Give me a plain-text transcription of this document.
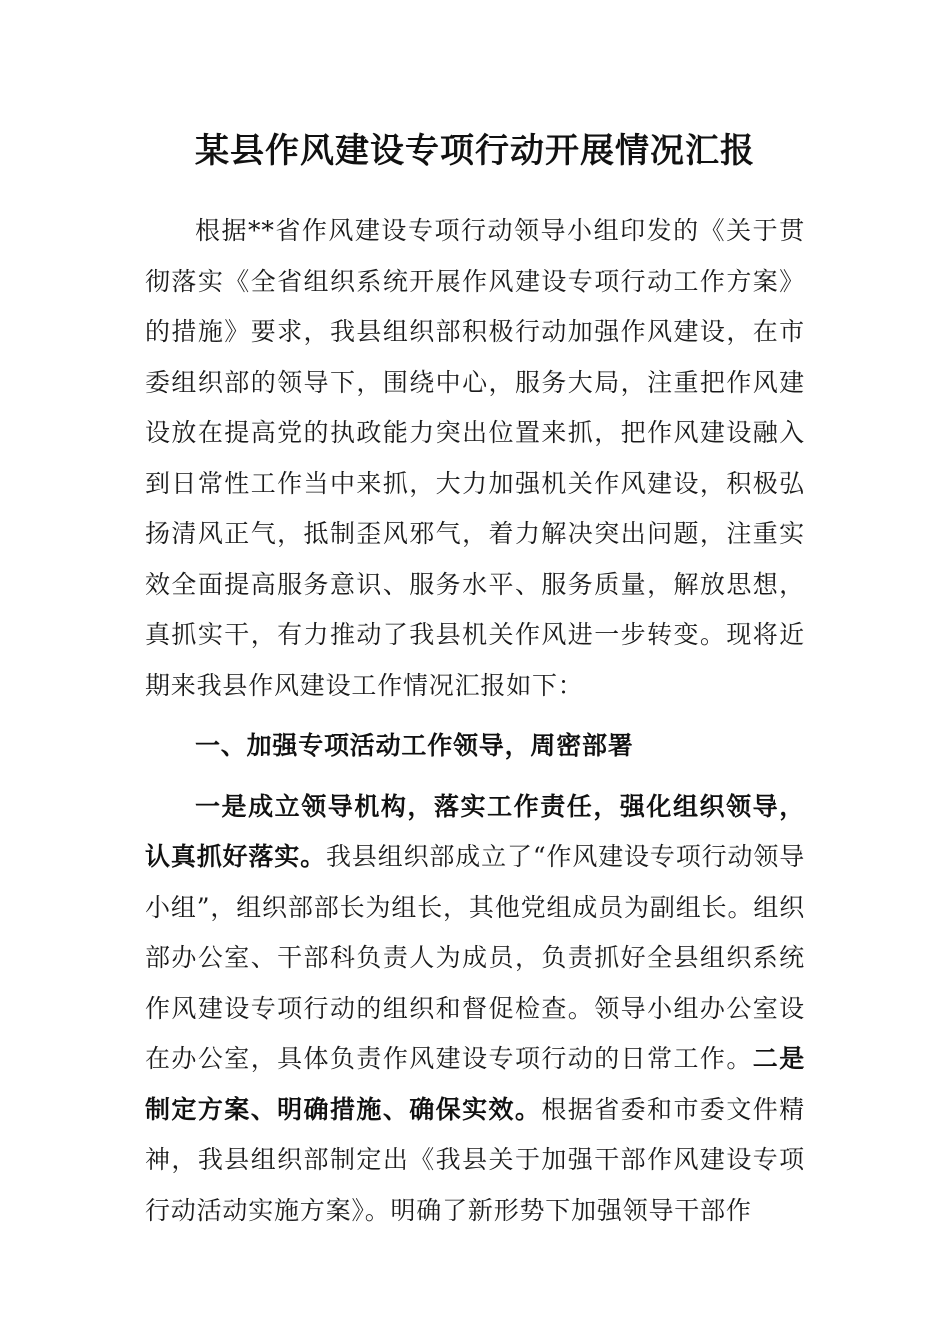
某县作风建设专项行动开展情况汇报

根据**省作风建设专项行动领导小组印发的《关于贯彻落实《全省组织系统开展作风建设专项行动工作方案》的措施》要求，我县组织部积极行动加强作风建设，在市委组织部的领导下，围绕中心，服务大局，注重把作风建设放在提高党的执政能力突出位置来抓，把作风建设融入到日常性工作当中来抓，大力加强机关作风建设，积极弘扬清风正气，抵制歪风邪气，着力解决突出问题，注重实效全面提高服务意识、服务水平、服务质量，解放思想，真抓实干，有力推动了我县机关作风进一步转变。现将近期来我县作风建设工作情况汇报如下：

一、加强专项活动工作领导，周密部署

一是成立领导机构，落实工作责任，强化组织领导，认真抓好落实。我县组织部成立了“作风建设专项行动领导小组”，组织部部长为组长，其他党组成员为副组长。组织部办公室、干部科负责人为成员，负责抓好全县组织系统作风建设专项行动的组织和督促检查。领导小组办公室设在办公室，具体负责作风建设专项行动的日常工作。二是制定方案、明确措施、确保实效。根据省委和市委文件精神，我县组织部制定出《我县关于加强干部作风建设专项行动活动实施方案》。明确了新形势下加强领导干部作
